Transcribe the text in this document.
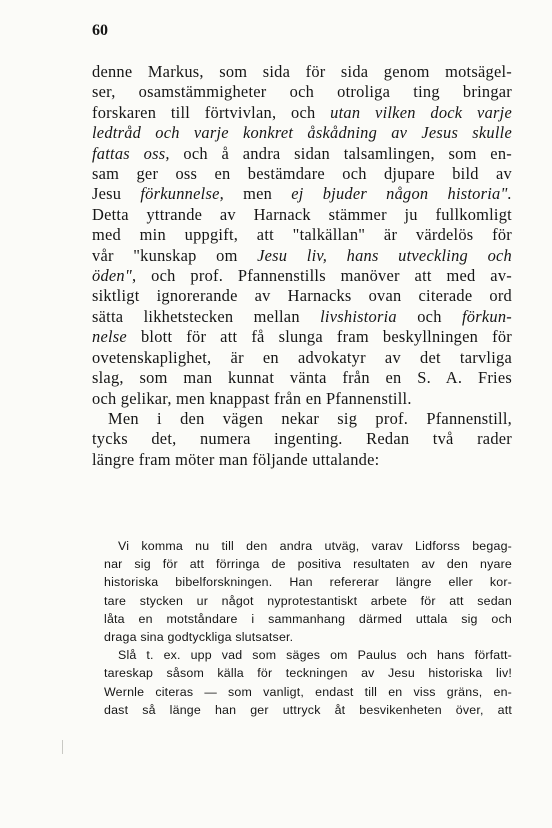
60
denne Markus, som sida för sida genom motsägel-
ser, osamstämmigheter och otroliga ting bringar
forskaren till förtvivlan, och utan vilken dock varje
ledtråd och varje konkret åskådning av Jesus skulle
fattas oss, och å andra sidan talsamlingen, som en-
sam ger oss en bestämdare och djupare bild av
Jesu förkunnelse, men ej bjuder någon historia".
Detta yttrande av Harnack stämmer ju fullkomligt
med min uppgift, att "talkällan" är värdelös för
vår "kunskap om Jesu liv, hans utveckling och
öden", och prof. Pfannenstills manöver att med av-
siktligt ignorerande av Harnacks ovan citerade ord
sätta likhetstecken mellan livshistoria och förkun-
nelse blott för att få slunga fram beskyllningen för
ovetenskaplighet, är en advokatyr av det tarvliga
slag, som man kunnat vänta från en S. A. Fries
och gelikar, men knappast från en Pfannenstill.
Men i den vägen nekar sig prof. Pfannenstill,
tycks det, numera ingenting. Redan två rader
längre fram möter man följande uttalande:
Vi komma nu till den andra utväg, varav Lidforss begag-
nar sig för att förringa de positiva resultaten av den nyare
historiska bibelforskningen. Han refererar längre eller kor-
tare stycken ur något nyprotestantiskt arbete för att sedan
låta en motståndare i sammanhang därmed uttala sig och
draga sina godtyckliga slutsatser.
Slå t. ex. upp vad som säges om Paulus och hans författ-
tareskap såsom källa för teckningen av Jesu historiska liv!
Wernle citeras — som vanligt, endast till en viss gräns, en-
dast så länge han ger uttryck åt besvikenheten över, att
